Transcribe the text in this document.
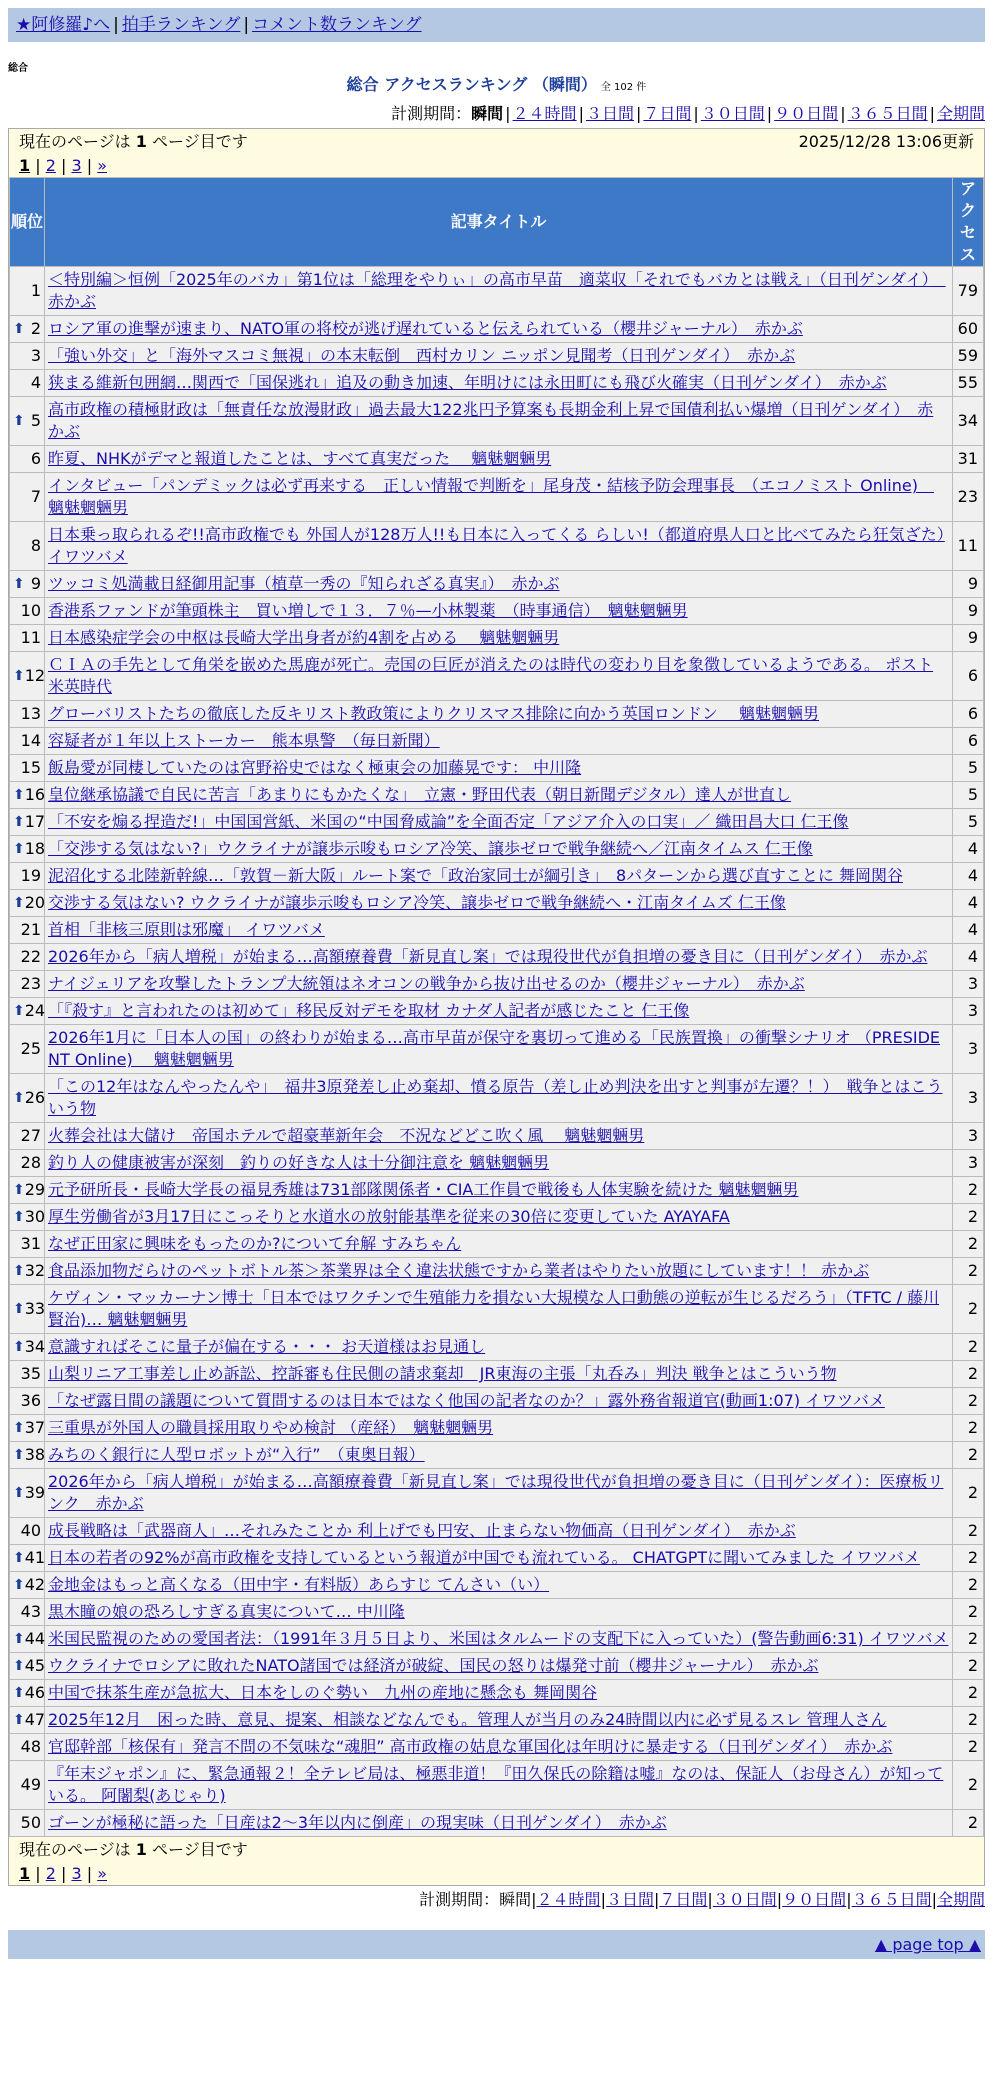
★阿修羅♪へ | 拍手ランキング | コメント数ランキング
総合
総合 アクセスランキング （瞬間） 全 102 件
計測期間：瞬間 | ２４時間 | ３日間 | ７日間 | ３０日間 | ９０日間 | ３６５日間 | 全期間
2025/12/28 13:06更新
現在のページは 1 ページ目です
1 | 2 | 3 | »
順位	記事タイトル	アクセス
1	＜特別編＞恒例「2025年のバカ」第1位は「総理をやりぃ」の高市早苗　適菜収「それでもバカとは戦え」（日刊ゲンダイ）　赤かぶ	79

⬆ 2	ロシア軍の進撃が速まり、NATO軍の将校が逃げ遅れていると伝えられている（櫻井ジャーナル）　赤かぶ	60
3	「強い外交」と「海外マスコミ無視」の本末転倒　西村カリン ニッポン見聞考（日刊ゲンダイ）　赤かぶ	59
4	狭まる維新包囲網…関西で「国保逃れ」追及の動き加速、年明けには永田町にも飛び火確実（日刊ゲンダイ）　赤かぶ	55

⬆ 5	高市政権の積極財政は「無責任な放漫財政」過去最大122兆円予算案も長期金利上昇で国債利払い爆増（日刊ゲンダイ）　赤かぶ	34
6	昨夏、NHKがデマと報道したことは、すべて真実だった　 魑魅魍魎男	31
7	インタビュー「パンデミックは必ず再来する　正しい情報で判断を」尾身茂・結核予防会理事長　（エコノミスト Online)　魑魅魍魎男	23
8	日本乗っ取られるぞ!!高市政権でも 外国人が128万人!!も日本に入ってくる らしい!（都道府県人口と比べてみたら狂気ざた）イワツバメ	11

⬆ 9	ツッコミ処満載日経御用記事（植草一秀の『知られざる真実』）　赤かぶ	9
10	香港系ファンドが筆頭株主　買い増しで１３．７％—小林製薬　（時事通信）　魑魅魍魎男	9
11	日本感染症学会の中枢は長崎大学出身者が約4割を占める　 魑魅魍魎男	9

⬆ 12	ＣＩＡの手先として角栄を嵌めた馬鹿が死亡。売国の巨匠が消えたのは時代の変わり目を象徴しているようである。 ポスト米英時代	6
13	グローバリストたちの徹底した反キリスト教政策によりクリスマス排除に向かう英国ロンドン　 魑魅魍魎男	6
14	容疑者が１年以上ストーカー　熊本県警　（毎日新聞）	6
15	飯島愛が同棲していたのは宮野裕史ではなく極東会の加藤晃です： 中川隆	5

⬆ 16	皇位継承協議で自民に苦言「あまりにもかたくな」　立憲・野田代表（朝日新聞デジタル）達人が世直し	5

⬆ 17	「不安を煽る捏造だ!」中国国営紙、米国の“中国脅威論”を全面否定「アジア介入の口実」／ 織田昌大口 仁王像	5

⬆ 18	「交渉する気はない?」ウクライナが譲歩示唆もロシア冷笑、譲歩ゼロで戦争継続へ／江南タイムス 仁王像	4
19	泥沼化する北陸新幹線…「敦賀－新大阪」ルート案で「政治家同士が綱引き」　8パターンから選び直すことに 舞岡関谷	4

⬆ 20	交渉する気はない? ウクライナが譲歩示唆もロシア冷笑、譲歩ゼロで戦争継続へ・江南タイムズ 仁王像	4
21	首相「非核三原則は邪魔」 イワツバメ	4
22	2026年から「病人増税」が始まる…高額療養費「新見直し案」では現役世代が負担増の憂き目に（日刊ゲンダイ）　赤かぶ	4
23	ナイジェリアを攻撃したトランプ大統領はネオコンの戦争から抜け出せるのか（櫻井ジャーナル）　赤かぶ	3

⬆ 24	「『殺す』と言われたのは初めて」移民反対デモを取材 カナダ人記者が感じたこと 仁王像	3
25	2026年1月に「日本人の国」の終わりが始まる…高市早苗が保守を裏切って進める「民族置換」の衝撃シナリオ （PRESIDENT Online)　 魑魅魍魎男	3

⬆ 26	「この12年はなんやったんや」　福井3原発差し止め棄却、憤る原告（差し止め判決を出すと判事が左遷？！）　戦争とはこういう物	3
27	火葬会社は大儲け　帝国ホテルで超豪華新年会　不況などどこ吹く風　 魑魅魍魎男	3
28	釣り人の健康被害が深刻　釣りの好きな人は十分御注意を 魑魅魍魎男	3

⬆ 29	元予研所長・長崎大学長の福見秀雄は731部隊関係者・CIA工作員で戦後も人体実験を続けた 魑魅魍魎男	2

⬆ 30	厚生労働省が3月17日にこっそりと水道水の放射能基準を従来の30倍に変更していた AYAYAFA	2
31	なぜ正田家に興味をもったのか?について弁解 すみちゃん	2

⬆ 32	食品添加物だらけのペットボトル茶＞茶業界は全く違法状態ですから業者はやりたい放題にしています！！ 赤かぶ	2

⬆ 33	ケヴィン・マッカーナン博士「日本ではワクチンで生殖能力を損ない大規模な人口動態の逆転が生じるだろう」（TFTC / 藤川賢治)… 魑魅魍魎男	2

⬆ 34	意識すればそこに量子が偏在する・・・ お天道様はお見通し	2
35	山梨リニア工事差し止め訴訟、控訴審も住民側の請求棄却　JR東海の主張「丸呑み」判決 戦争とはこういう物	2
36	「なぜ露日間の議題について質問するのは日本ではなく他国の記者なのか？」露外務省報道官(動画1:07) イワツバメ	2

⬆ 37	三重県が外国人の職員採用取りやめ検討 （産経）　魑魅魍魎男	2

⬆ 38	みちのく銀行に人型ロボットが“入行”　（東奥日報）	2

⬆ 39	2026年から「病人増税」が始まる…高額療養費「新見直し案」では現役世代が負担増の憂き目に（日刊ゲンダイ）：医療板リンク　赤かぶ	2
40	成長戦略は「武器商人」…それみたことか 利上げでも円安、止まらない物価高（日刊ゲンダイ）　赤かぶ	2

⬆ 41	日本の若者の92%が高市政権を支持しているという報道が中国でも流れている。 CHATGPTに聞いてみました イワツバメ	2

⬆ 42	金地金はもっと高くなる（田中宇・有料版）あらすじ てんさい（い）	2
43	黒木瞳の娘の恐ろしすぎる真実について… 中川隆	2

⬆ 44	米国民監視のための愛国者法：（1991年３月５日より、米国はタルムードの支配下に入っていた）(警告動画6:31) イワツバメ	2

⬆ 45	ウクライナでロシアに敗れたNATO諸国では経済が破綻、国民の怒りは爆発寸前（櫻井ジャーナル）　赤かぶ	2

⬆ 46	中国で抹茶生産が急拡大、日本をしのぐ勢い　九州の産地に懸念も 舞岡関谷	2

⬆ 47	2025年12月　困った時、意見、提案、相談などなんでも。管理人が当月のみ24時間以内に必ず見るスレ 管理人さん	2
48	官邸幹部「核保有」発言不問の不気味な“魂胆” 高市政権の姑息な軍国化は年明けに暴走する（日刊ゲンダイ）　赤かぶ	2
49	『年末ジャポン』に、緊急通報２！全テレビ局は、極悪非道！『田久保氏の除籍は嘘』なのは、保証人（お母さん）が知っている。 阿闍梨(あじゃり)	2
50	ゴーンが極秘に語った「日産は2〜3年以内に倒産」の現実味（日刊ゲンダイ）　赤かぶ	2
現在のページは 1 ページ目です
1 | 2 | 3 | »
計測期間：瞬間|２４時間|３日間|７日間|３０日間|９０日間|３６５日間|全期間
▲ page top ▲
